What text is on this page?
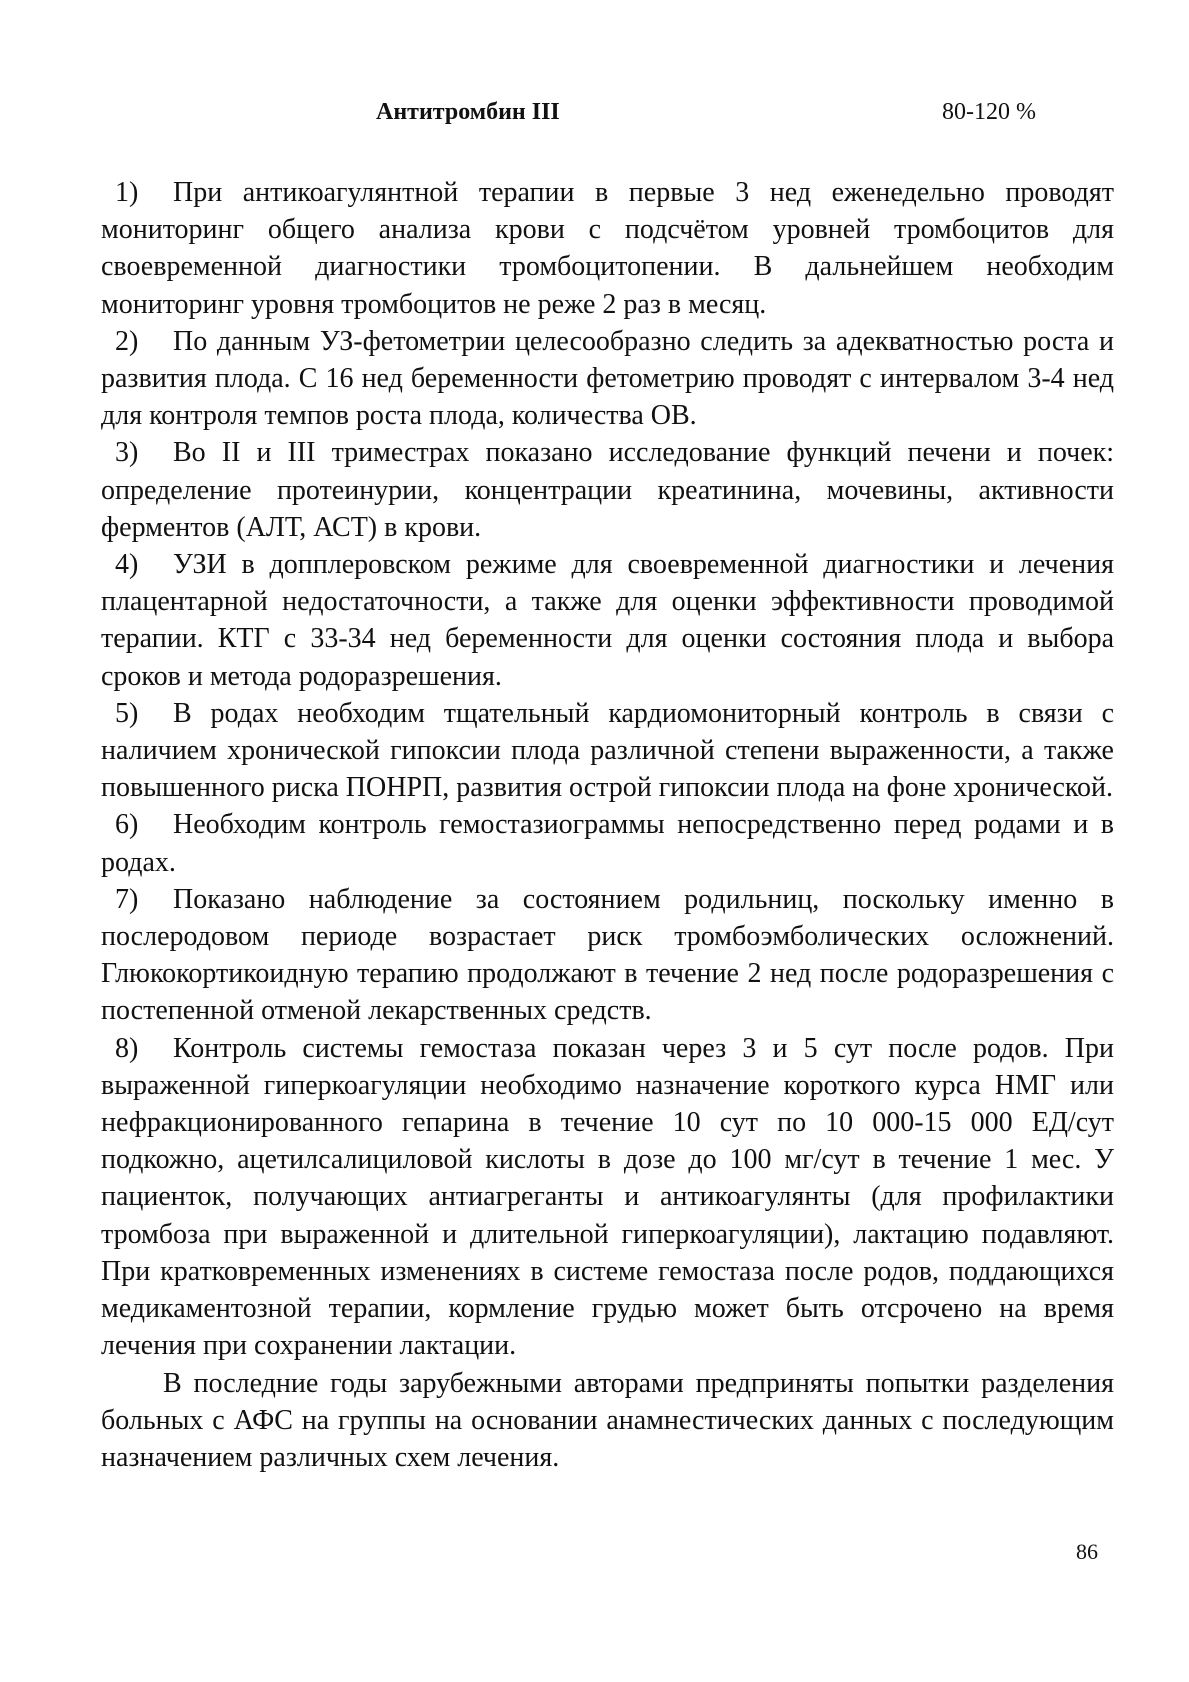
Антитромбин III	80-120 %

1) При антикоагулянтной терапии в первые 3 нед еженедельно проводят мониторинг общего анализа крови с подсчётом уровней тромбоцитов для своевременной диагностики тромбоцитопении. В дальнейшем необходим мониторинг уровня тромбоцитов не реже 2 раз в месяц.

2) По данным УЗ-фетометрии целесообразно следить за адекватностью роста и развития плода. С 16 нед беременности фетометрию проводят с интервалом 3-4 нед для контроля темпов роста плода, количества ОВ.

3) Во II и III триместрах показано исследование функций печени и почек: определение протеинурии, концентрации креатинина, мочевины, активности ферментов (АЛТ, АСТ) в крови.

4) УЗИ в допплеровском режиме для своевременной диагностики и лечения плацентарной недостаточности, а также для оценки эффективности проводимой терапии. КТГ с 33-34 нед беременности для оценки состояния плода и выбора сроков и метода родоразрешения.

5) В родах необходим тщательный кардиомониторный контроль в связи с наличием хронической гипоксии плода различной степени выраженности, а также повышенного риска ПОНРП, развития острой гипоксии плода на фоне хронической.

6) Необходим контроль гемостазиограммы непосредственно перед родами и в родах.

7) Показано наблюдение за состоянием родильниц, поскольку именно в послеродовом периоде возрастает риск тромбоэмболических осложнений. Глюкокортикоидную терапию продолжают в течение 2 нед после родоразрешения с постепенной отменой лекарственных средств.

8) Контроль системы гемостаза показан через 3 и 5 сут после родов. При выраженной гиперкоагуляции необходимо назначение короткого курса НМГ или нефракционированного гепарина в течение 10 сут по 10 000-15 000 ЕД/сут подкожно, ацетилсалициловой кислоты в дозе до 100 мг/сут в течение 1 мес. У пациенток, получающих антиагреганты и антикоагулянты (для профилактики тромбоза при выраженной и длительной гиперкоагуляции), лактацию подавляют. При кратковременных изменениях в системе гемостаза после родов, поддающихся медикаментозной терапии, кормление грудью может быть отсрочено на время лечения при сохранении лактации.

В последние годы зарубежными авторами предприняты попытки разделения больных с АФС на группы на основании анамнестических данных с последующим назначением различных схем лечения.

86
